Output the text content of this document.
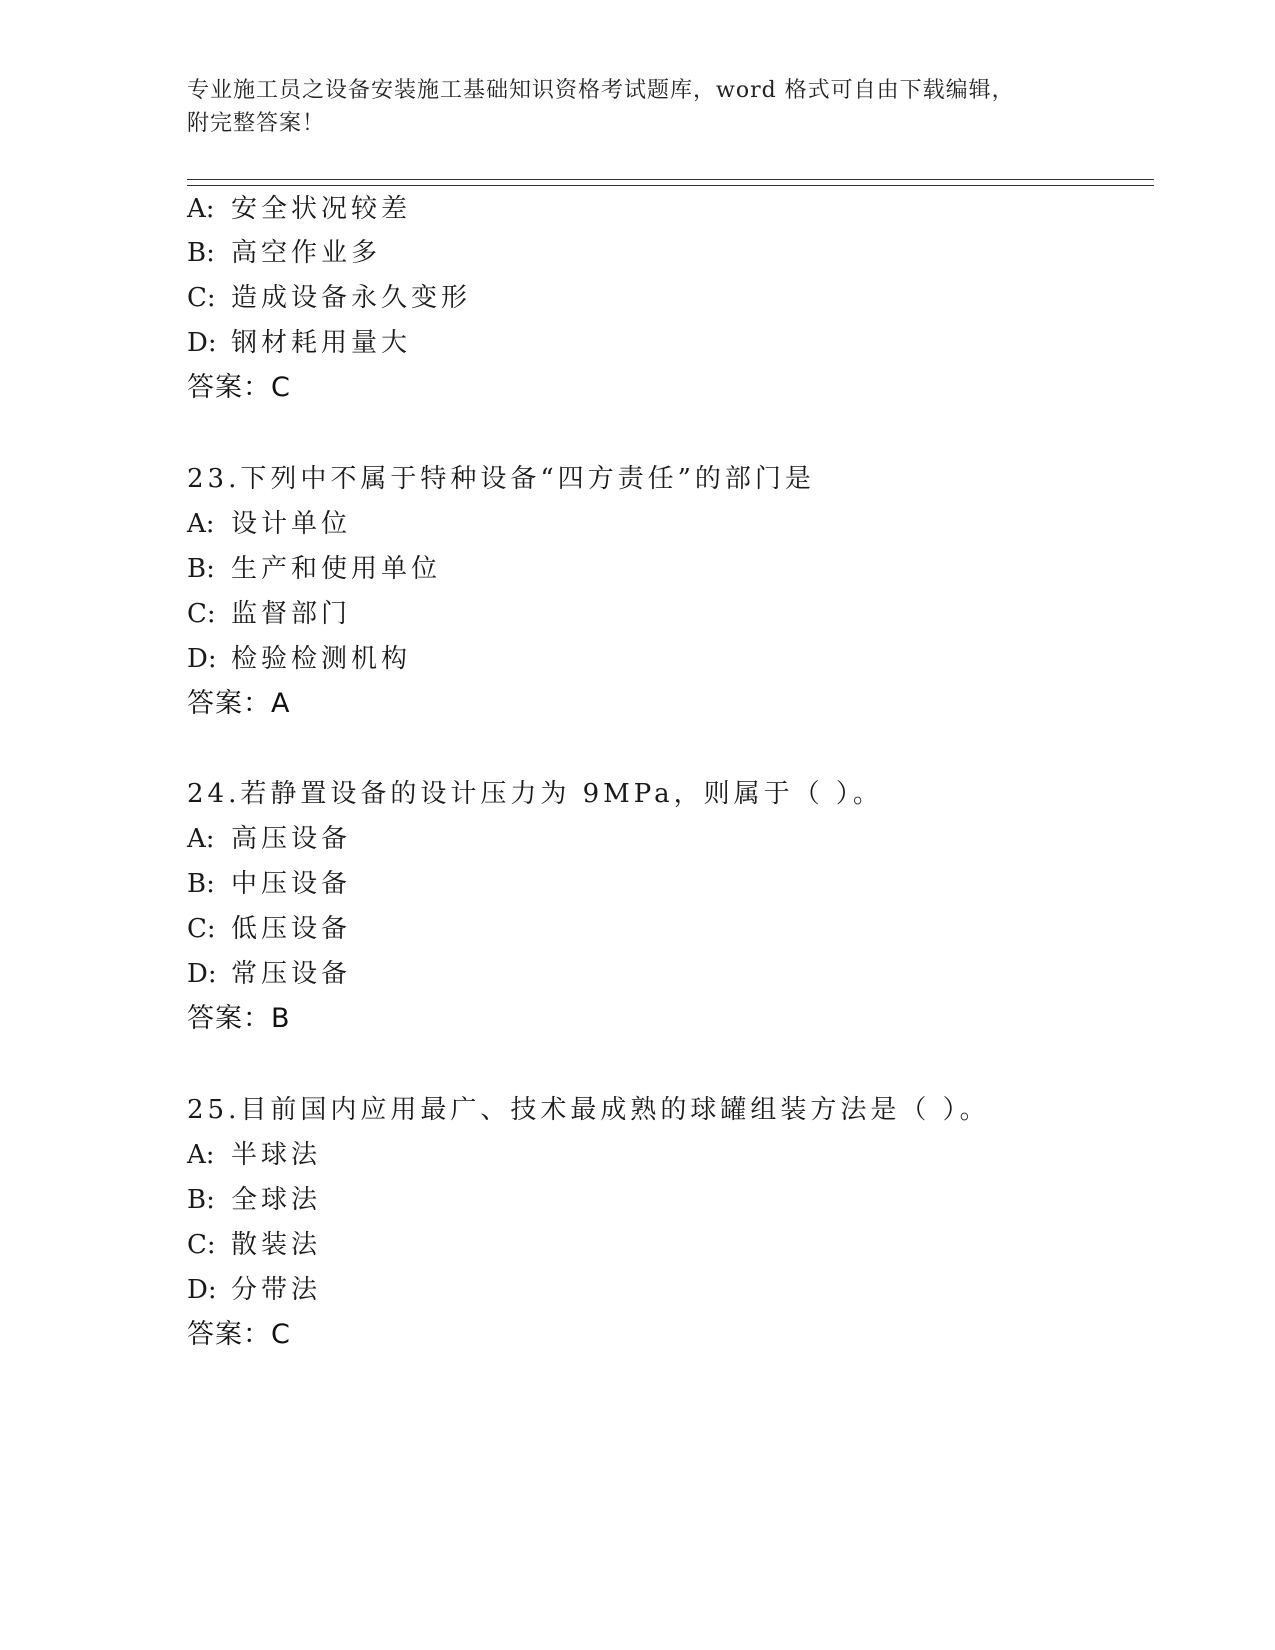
专业施工员之设备安装施工基础知识资格考试题库，word 格式可自由下载编辑，
附完整答案！
A: 安全状况较差
B: 高空作业多
C: 造成设备永久变形
D: 钢材耗用量大
答案：C
23.下列中不属于特种设备“四方责任”的部门是
A: 设计单位
B: 生产和使用单位
C: 监督部门
D: 检验检测机构
答案：A
24.若静置设备的设计压力为 9MPa，则属于（ ）。
A: 高压设备
B: 中压设备
C: 低压设备
D: 常压设备
答案：B
25.目前国内应用最广、技术最成熟的球罐组装方法是（ ）。
A: 半球法
B: 全球法
C: 散装法
D: 分带法
答案：C
